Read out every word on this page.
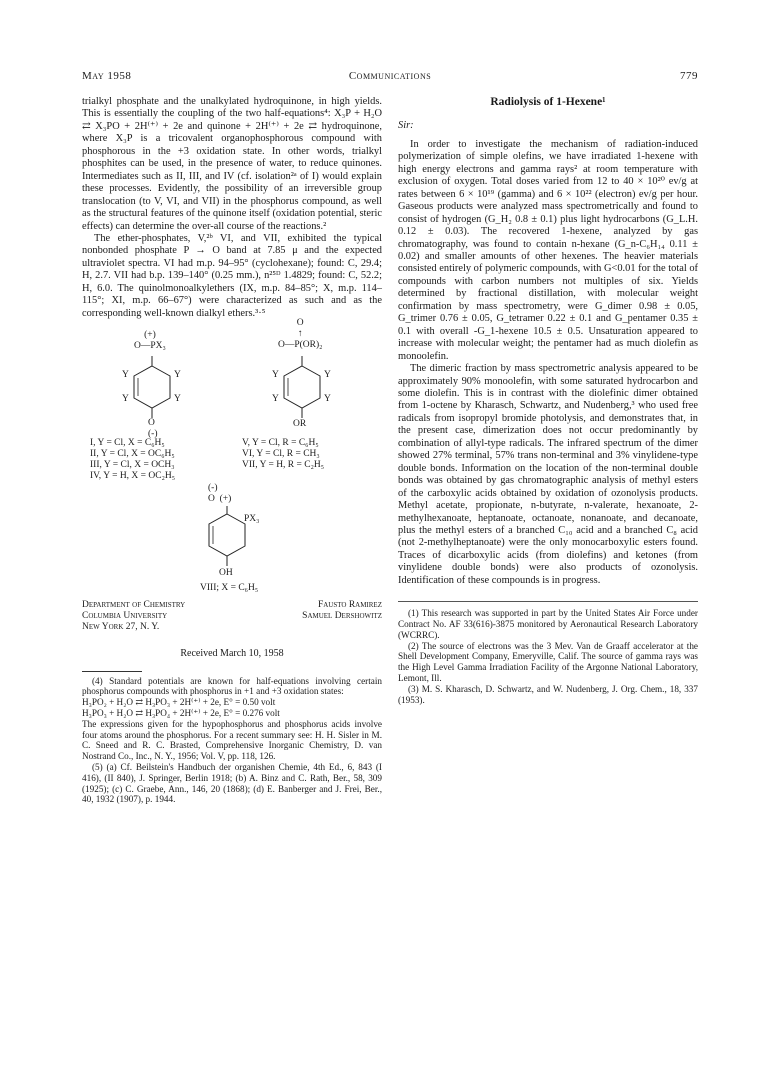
May 1958	Communications	779

trialkyl phosphate and the unalkylated hydroquinone, in high yields. This is essentially the coupling of the two half-equations⁴: X₃P + H₂O ⇄ X₃PO + 2H⁽⁺⁾ + 2e and quinone + 2H⁽⁺⁾ + 2e ⇄ hydroquinone, where X₃P is a tricovalent organophosphorous compound with phosphorous in the +3 oxidation state. In other words, trialkyl phosphites can be used, in the presence of water, to reduce quinones. Intermediates such as II, III, and IV (cf. isolation²ᵃ of I) would explain these processes. Evidently, the possibility of an irreversible group translocation (to V, VI, and VII) in the phosphorus compound, as well as the structural features of the quinone itself (oxidation potential, steric effects) can determine the over-all course of the reactions.²

The ether-phosphates, V,²ᵇ VI, and VII, exhibited the typical nonbonded phosphate P → O band at 7.85 μ and the expected ultraviolet spectra. VI had m.p. 94–95° (cyclohexane); found: C, 29.4; H, 2.7. VII had b.p. 139–140° (0.25 mm.), n²⁵ᴰ 1.4829; found: C, 52.2; H, 6.0. The quinolmonoalkylethers (IX, m.p. 84–85°; X, m.p. 114–115°; XI, m.p. 66–67°) were characterized as such and as the corresponding well-known dialkyl ethers.³·⁵

(+)
O—PX₃
Y	Y
Y	Y
O
(-)
O
↑
O—P(OR)₂
Y	Y
Y	Y
OR
I, Y = Cl, X = C₆H₅
II, Y = Cl, X = OC₆H₅
III, Y = Cl, X = OCH₃
IV, Y = H, X = OC₂H₅
V, Y = Cl, R = C₆H₅
VI, Y = Cl, R = CH₃
VII, Y = H, R = C₂H₅
(-)
O  (+)
PX₃
OH
VIII; X = C₆H₅
Department of Chemistry
Columbia University
New York 27, N. Y.
Fausto Ramirez
Samuel Dershowitz

Received March 10, 1958

(4) Standard potentials are known for half-equations involving certain phosphorus compounds with phosphorus in +1 and +3 oxidation states:

H₃PO₂ + H₂O ⇄ H₃PO₃ + 2H⁽⁺⁾ + 2e, E° = 0.50 volt

H₃PO₃ + H₂O ⇄ H₃PO₄ + 2H⁽⁺⁾ + 2e, E° = 0.276 volt

The expressions given for the hypophosphorus and phosphorus acids involve four atoms around the phosphorus. For a recent summary see: H. H. Sisler in M. C. Sneed and R. C. Brasted, Comprehensive Inorganic Chemistry, D. van Nostrand Co., Inc., N. Y., 1956; Vol. V, pp. 118, 126.

(5) (a) Cf. Beilstein's Handbuch der organishen Chemie, 4th Ed., 6, 843 (I 416), (II 840), J. Springer, Berlin 1918; (b) A. Binz and C. Rath, Ber., 58, 309 (1925); (c) C. Graebe, Ann., 146, 20 (1868); (d) E. Banberger and J. Frei, Ber., 40, 1932 (1907), p. 1944.

Radiolysis of 1-Hexene¹

Sir:

In order to investigate the mechanism of radiation-induced polymerization of simple olefins, we have irradiated 1-hexene with high energy electrons and gamma rays² at room temperature with exclusion of oxygen. Total doses varied from 12 to 40 × 10²⁰ ev/g at rates between 6 × 10¹⁹ (gamma) and 6 × 10²² (electron) ev/g per hour. Gaseous products were analyzed mass spectrometrically and found to consist of hydrogen (G_H₂ 0.8 ± 0.1) plus light hydrocarbons (G_L.H. 0.12 ± 0.03). The recovered 1-hexene, analyzed by gas chromatography, was found to contain n-hexane (G_n-C₆H₁₄ 0.11 ± 0.02) and smaller amounts of other hexenes. The heavier materials consisted entirely of polymeric compounds, with G<0.01 for the total of compounds with carbon numbers not multiples of six. Yields determined by fractional distillation, with molecular weight confirmation by mass spectrometry, were G_dimer 0.98 ± 0.05, G_trimer 0.76 ± 0.05, G_tetramer 0.22 ± 0.1 and G_pentamer 0.35 ± 0.1 with overall -G_1-hexene 10.5 ± 0.5. Unsaturation appeared to increase with molecular weight; the pentamer had as much diolefin as monoolefin.

The dimeric fraction by mass spectrometric analysis appeared to be approximately 90% monoolefin, with some saturated hydrocarbon and some diolefin. This is in contrast with the diolefinic dimer obtained from 1-octene by Kharasch, Schwartz, and Nudenberg,³ who used free radicals from isopropyl bromide photolysis, and demonstrates that, in the present case, dimerization does not occur predominantly by combination of allyl-type radicals. The infrared spectrum of the dimer showed 27% terminal, 57% trans non-terminal and 3% vinylidene-type double bonds. Information on the location of the non-terminal double bonds was obtained by gas chromatographic analysis of methyl esters of the carboxylic acids obtained by oxidation of ozonolysis products. Methyl acetate, propionate, n-butyrate, n-valerate, hexanoate, 2-methylhexanoate, heptanoate, octanoate, nonanoate, and decanoate, plus the methyl esters of a branched C₁₀ acid and a branched C₈ acid (not 2-methylheptanoate) were the only monocarboxylic esters found. Traces of dicarboxylic acids (from diolefins) and ketones (from vinylidene double bonds) were also products of ozonolysis. Identification of these compounds is in progress.

(1) This research was supported in part by the United States Air Force under Contract No. AF 33(616)-3875 monitored by Aeronautical Research Laboratory (WCRRC).

(2) The source of electrons was the 3 Mev. Van de Graaff accelerator at the Shell Development Company, Emeryville, Calif. The source of gamma rays was the High Level Gamma Irradiation Facility of the Argonne National Laboratory, Lemont, Ill.

(3) M. S. Kharasch, D. Schwartz, and W. Nudenberg, J. Org. Chem., 18, 337 (1953).
